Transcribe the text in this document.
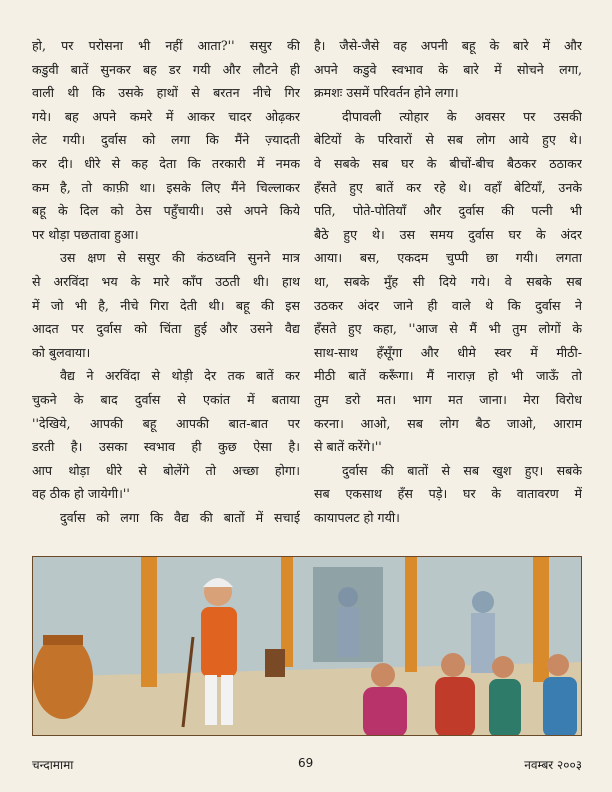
हो, पर परोसना भी नहीं आता?'' ससुर की
कडुवी बातें सुनकर बह डर गयी और लौटने ही
वाली थी कि उसके हाथों से बरतन नीचे गिर
गये। बह अपने कमरे में आकर चादर ओढ़कर
लेट गयी। दुर्वास को लगा कि मैंने ज़्यादती
कर दी। धीरे से कह देता कि तरकारी में नमक
कम है, तो काफ़ी था। इसके लिए मैंने चिल्लाकर
बहू के दिल को ठेस पहुँचायी। उसे अपने किये
पर थोड़ा पछतावा हुआ।
उस क्षण से ससुर की कंठध्वनि सुनने मात्र
से अरविंदा भय के मारे काँप उठती थी। हाथ
में जो भी है, नीचे गिरा देती थी। बहू की इस
आदत पर दुर्वास को चिंता हुई और उसने वैद्य
को बुलवाया।
वैद्य ने अरविंदा से थोड़ी देर तक बातें कर
चुकने के बाद दुर्वास से एकांत में बताया
''देखिये, आपकी बहू आपकी बात-बात पर
डरती है। उसका स्वभाव ही कुछ ऐसा है।
आप थोड़ा धीरे से बोलेंगे तो अच्छा होगा।
वह ठीक हो जायेगी।''
दुर्वास को लगा कि वैद्य की बातों में सचाई
है। जैसे-जैसे वह अपनी बहू के बारे में और
अपने कडुवे स्वभाव के बारे में सोचने लगा,
क्रमशः उसमें परिवर्तन होने लगा।
दीपावली त्योहार के अवसर पर उसकी
बेटियों के परिवारों से सब लोग आये हुए थे।
वे सबके सब घर के बीचों-बीच बैठकर ठठाकर
हँसते हुए बातें कर रहे थे। वहाँ बेटियाँ, उनके
पति, पोते-पोतियाँ और दुर्वास की पत्नी भी
बैठे हुए थे। उस समय दुर्वास घर के अंदर
आया। बस, एकदम चुप्पी छा गयी। लगता
था, सबके मुँह सी दिये गये। वे सबके सब
उठकर अंदर जाने ही वाले थे कि दुर्वास ने
हँसते हुए कहा, ''आज से मैं भी तुम लोगों के
साथ-साथ हँसूँगा और धीमे स्वर में मीठी-
मीठी बातें करूँगा। मैं नाराज़ हो भी जाऊँ तो
तुम डरो मत। भाग मत जाना। मेरा विरोध
करना। आओ, सब लोग बैठ जाओ, आराम
से बातें करेंगे।''
दुर्वास की बातों से सब खुश हुए। सबके
सब एकसाथ हँस पड़े। घर के वातावरण में
कायापलट हो गयी।
चन्दामामा	69	नवम्बर २००३
